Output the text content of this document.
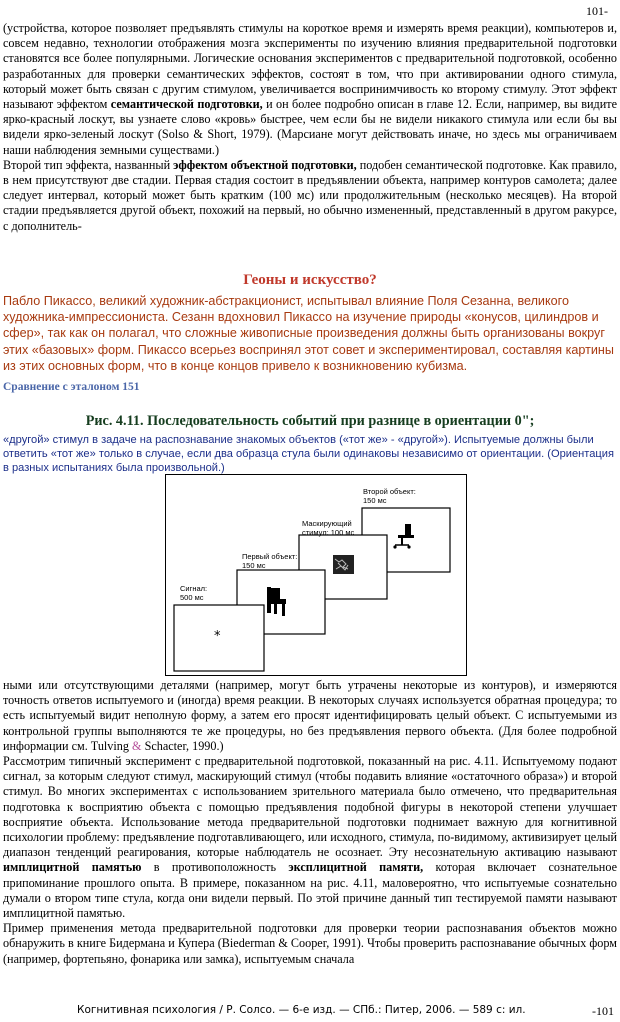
101-

(устройства, которое позволяет предъявлять стимулы на короткое время и измерять время реакции), компьютеров и, совсем недавно, технологии отображения мозга эксперименты по изучению влияния предварительной подготовки становятся все более популярными. Логические основания экспериментов с предварительной подготовкой, особенно разработанных для проверки семантических эффектов, состоят в том, что при активировании одного стимула, который может быть связан с другим стимулом, увеличивается воспринимчивость ко второму стимулу. Этот эффект называют эффектом семантической подготовки, и он более подробно описан в главе 12. Если, например, вы видите ярко-красный лоскут, вы узнаете слово «кровь» быстрее, чем если бы не видели никакого стимула или если бы вы видели ярко-зеленый лоскут (Solso & Short, 1979). (Марсиане могут действовать иначе, но здесь мы ограничиваем наши наблюдения земными существами.)

Второй тип эффекта, названный эффектом объектной подготовки, подобен семантической подготовке. Как правило, в нем присутствуют две стадии. Первая стадия состоит в предъявлении объекта, например контуров самолета; далее следует интервал, который может быть кратким (100 мс) или продолжительным (несколько месяцев). На второй стадии предъявляется другой объект, похожий на первый, но обычно измененный, представленный в другом ракурсе, с дополнитель-

Геоны и искусство?

Пабло Пикассо, великий художник-абстракционист, испытывал влияние Поля Сезанна, великого художника-импрессиониста. Сезанн вдохновил Пикассо на изучение природы «конусов, цилиндров и сфер», так как он полагал, что сложные живописные произведения должны быть организованы вокруг этих «базовых» форм. Пикассо всерьез воспринял этот совет и экспериментировал, составляя картины из этих основных форм, что в конце концов привело к возникновению кубизма.

Сравнение с эталоном 151
Рис. 4.11. Последовательность событий при разнице в ориентации 0";

«другой» стимул в задаче на распознавание знакомых объектов («тот же» - «другой»). Испытуемые должны были ответить «тот же» только в случае, если два образца стула были одинаковы независимо от ориентации. (Ориентация в разных испытаниях была произвольной.)

*
Сигнал:
500 мс
Первый объект:
150 мс
Маскирующий
стимул: 100 мс
Второй объект:
150 мс

ными или отсутствующими деталями (например, могут быть утрачены некоторые из контуров), и измеряются точность ответов испытуемого и (иногда) время реакции. В некоторых случаях используется обратная процедура; то есть испытуемый видит неполную форму, а затем его просят идентифицировать целый объект. С испытуемыми из контрольной группы выполняются те же процедуры, но без предъявления первого объекта. (Для более подробной информации см. Tulving & Schacter, 1990.)

Рассмотрим типичный эксперимент с предварительной подготовкой, показанный на рис. 4.11. Испытуемому подают сигнал, за которым следуют стимул, маскирующий стимул (чтобы подавить влияние «остаточного образа») и второй стимул. Во многих экспериментах с использованием зрительного материала было отмечено, что предварительная подготовка к восприятию объекта с помощью предъявления подобной фигуры в некоторой степени улучшает восприятие объекта. Использование метода предварительной подготовки поднимает важную для когнитивной психологии проблему: предъявление подготавливающего, или исходного, стимула, по-видимому, активизирует целый диапазон тенденций реагирования, которые наблюдатель не осознает. Эту несознательную активацию называют имплицитной памятью в противоположность эксплицитной памяти, которая включает сознательное припоминание прошлого опыта. В примере, показанном на рис. 4.11, маловероятно, что испытуемые сознательно думали о втором типе стула, когда они видели первый. По этой причине данный тип тестируемой памяти называют имплицитной памятью.

Пример применения метода предварительной подготовки для проверки теории распознавания объектов можно обнаружить в книге Бидермана и Купера (Biederman & Cooper, 1991). Чтобы проверить распознавание обычных форм (например, фортепьяно, фонарика или замка), испытуемым сначала

Когнитивная психология / Р. Солсо. — 6-е изд. — СПб.: Питер, 2006. — 589 с: ил.	-101
